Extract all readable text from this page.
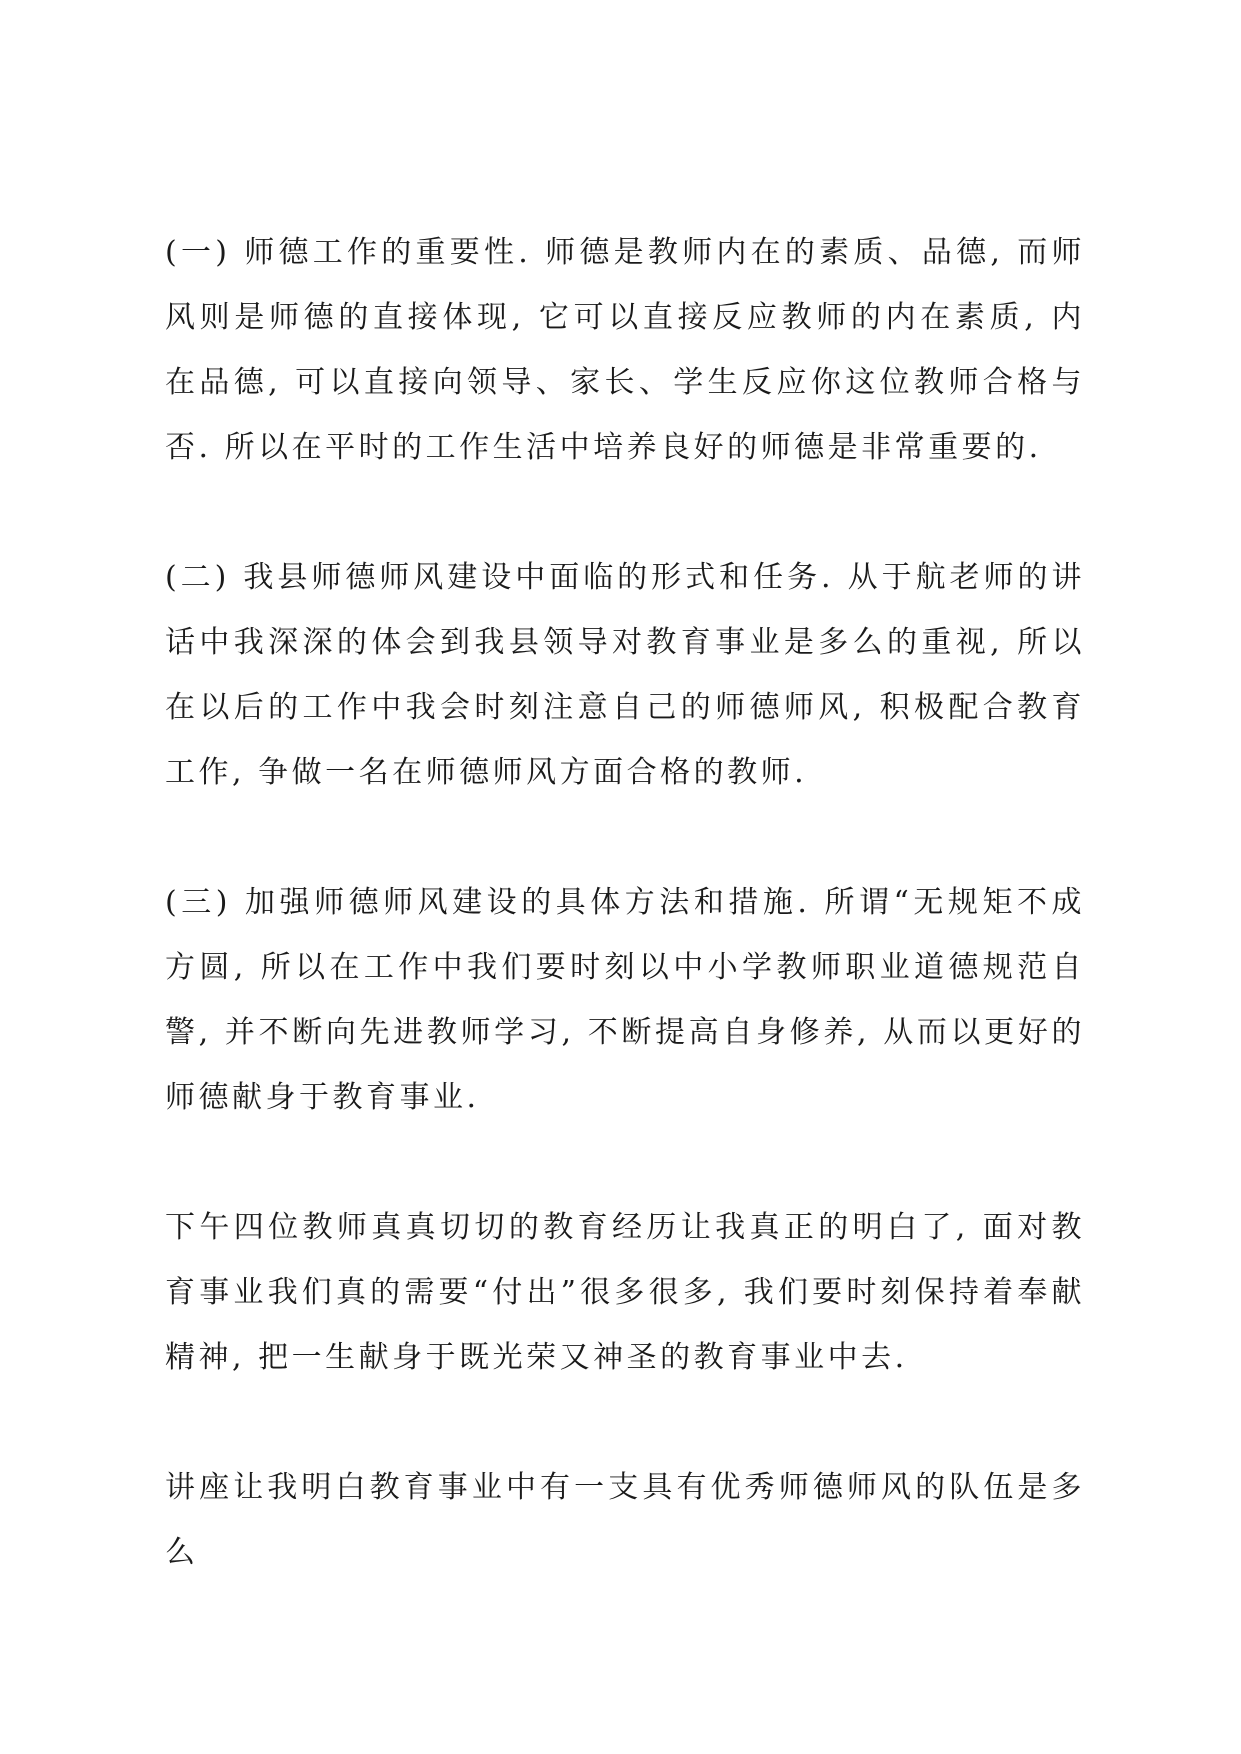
(一) 师德工作的重要性. 师德是教师内在的素质、品德, 而师风则是师德的直接体现, 它可以直接反应教师的内在素质, 内在品德, 可以直接向领导、家长、学生反应你这位教师合格与否. 所以在平时的工作生活中培养良好的师德是非常重要的.

(二) 我县师德师风建设中面临的形式和任务. 从于航老师的讲话中我深深的体会到我县领导对教育事业是多么的重视, 所以在以后的工作中我会时刻注意自己的师德师风, 积极配合教育工作, 争做一名在师德师风方面合格的教师.

(三) 加强师德师风建设的具体方法和措施. 所谓“无规矩不成方圆, 所以在工作中我们要时刻以中小学教师职业道德规范自警, 并不断向先进教师学习, 不断提高自身修养, 从而以更好的师德献身于教育事业.

下午四位教师真真切切的教育经历让我真正的明白了, 面对教育事业我们真的需要“付出”很多很多, 我们要时刻保持着奉献精神, 把一生献身于既光荣又神圣的教育事业中去.

讲座让我明白教育事业中有一支具有优秀师德师风的队伍是多么
